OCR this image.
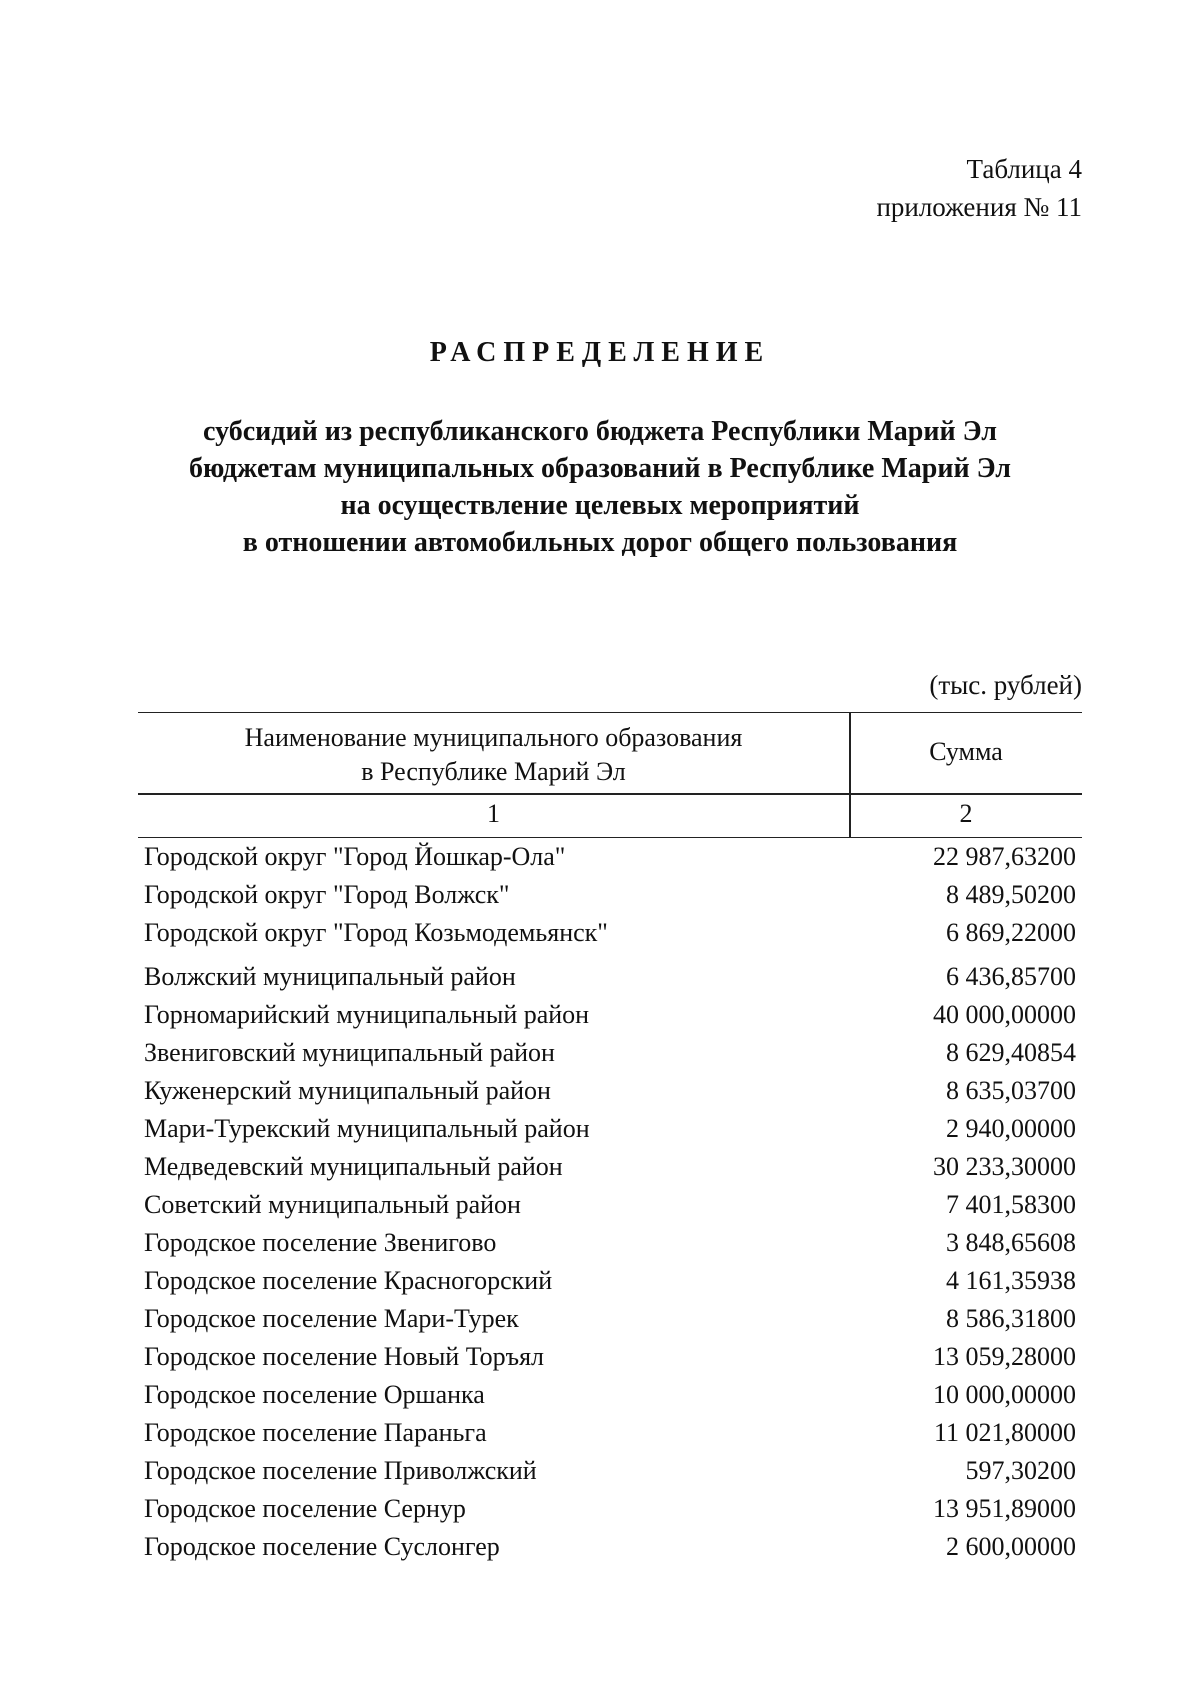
Таблица 4
приложения № 11
РАСПРЕДЕЛЕНИЕ
субсидий из республиканского бюджета Республики Марий Эл
бюджетам муниципальных образований в Республике Марий Эл
на осуществление целевых мероприятий
в отношении автомобильных дорог общего пользования
(тыс. рублей)
Наименование муниципального образования
в Республике Марий Эл
Сумма
1	2
Городской округ "Город Йошкар-Ола"	22 987,63200
Городской округ "Город Волжск"	8 489,50200
Городской округ "Город Козьмодемьянск"	6 869,22000
Волжский муниципальный район	6 436,85700
Горномарийский муниципальный район	40 000,00000
Звениговский муниципальный район	8 629,40854
Куженерский муниципальный район	8 635,03700
Мари-Турекский муниципальный район	2 940,00000
Медведевский муниципальный район	30 233,30000
Советский муниципальный район	7 401,58300
Городское поселение Звенигово	3 848,65608
Городское поселение Красногорский	4 161,35938
Городское поселение Мари-Турек	8 586,31800
Городское поселение Новый Торъял	13 059,28000
Городское поселение Оршанка	10 000,00000
Городское поселение Параньга	11 021,80000
Городское поселение Приволжский	597,30200
Городское поселение Сернур	13 951,89000
Городское поселение Суслонгер	2 600,00000
